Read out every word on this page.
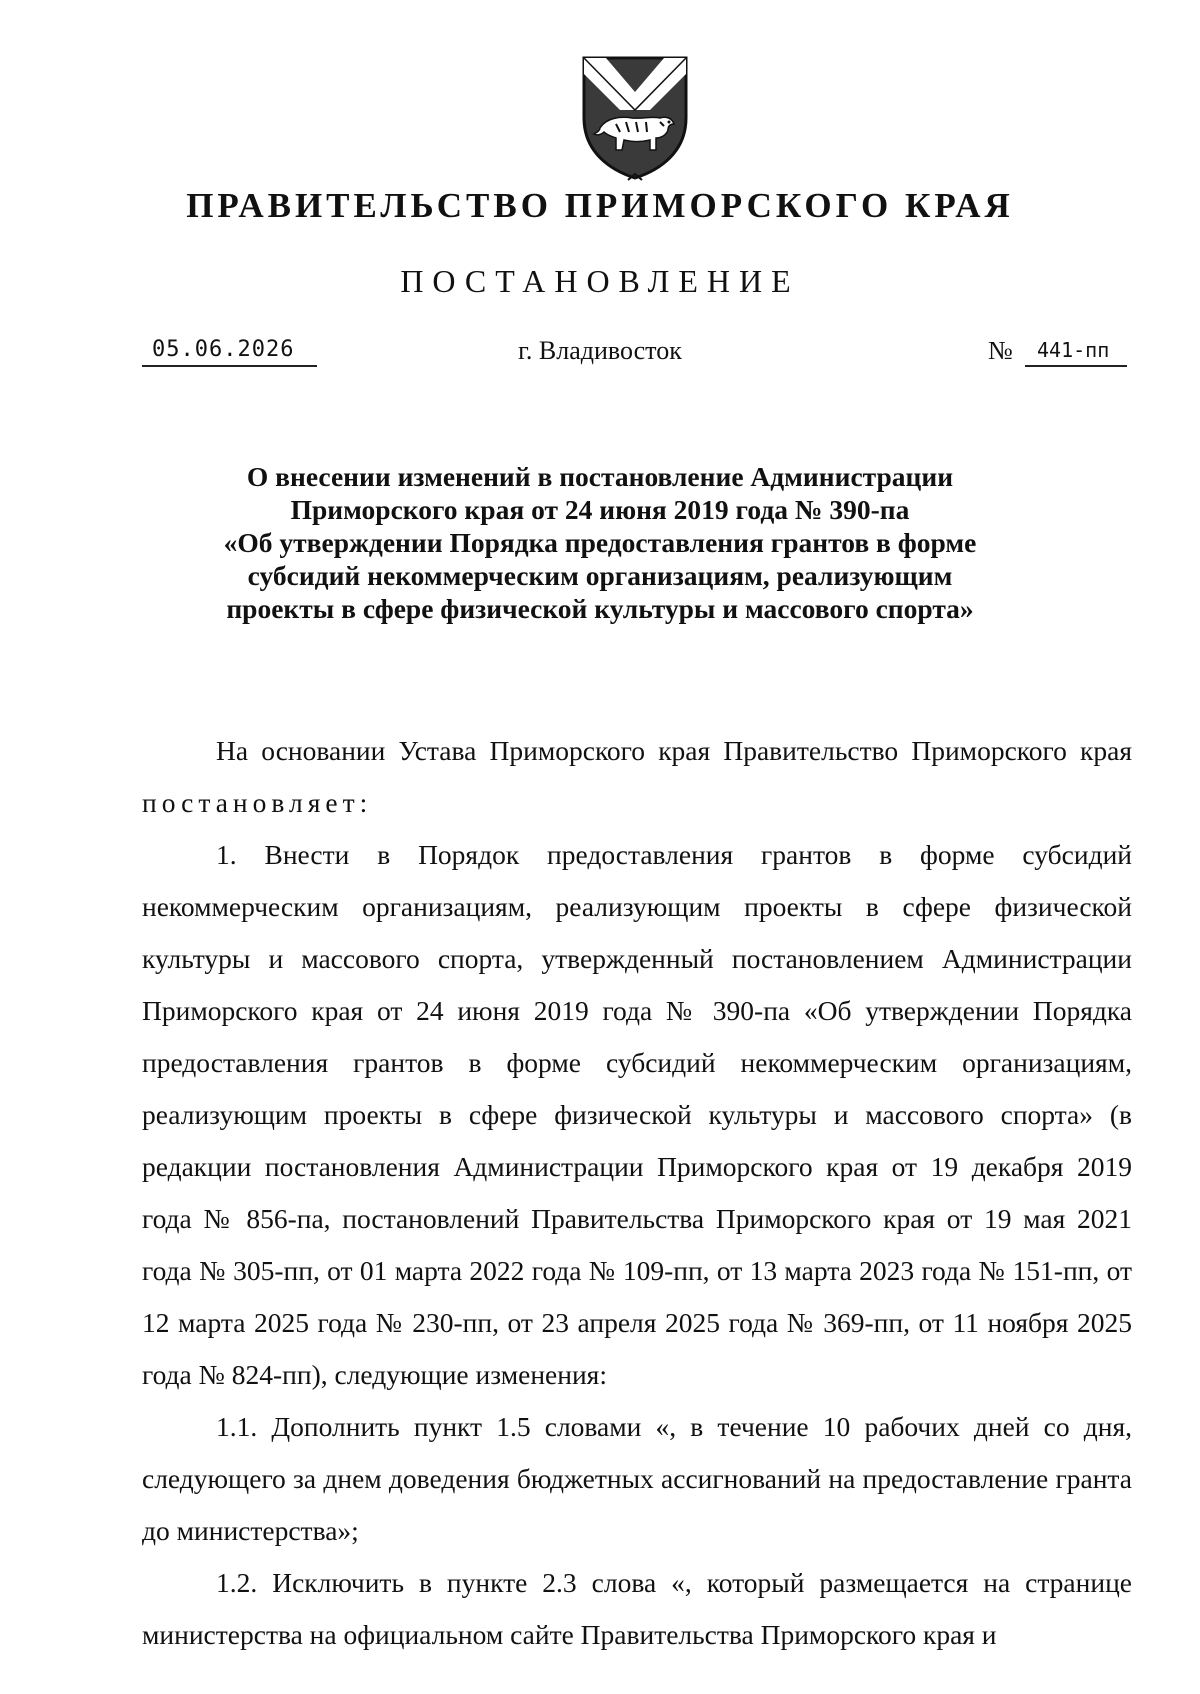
ПРАВИТЕЛЬСТВО ПРИМОРСКОГО КРАЯ
ПОСТАНОВЛЕНИЕ
05.06.2026	г. Владивосток	№	441-пп
О внесении изменений в постановление Администрации
Приморского края от 24 июня 2019 года № 390-па
«Об утверждении Порядка предоставления грантов в форме
субсидий некоммерческим организациям, реализующим
проекты в сфере физической культуры и массового спорта»

На основании Устава Приморского края Правительство Приморского края постановляет:

1. Внести в Порядок предоставления грантов в форме субсидий некоммерческим организациям, реализующим проекты в сфере физической культуры и массового спорта, утвержденный постановлением Администрации Приморского края от 24 июня 2019 года № 390-па «Об утверждении Порядка предоставления грантов в форме субсидий некоммерческим организациям, реализующим проекты в сфере физической культуры и массового спорта» (в редакции постановления Администрации Приморского края от 19 декабря 2019 года № 856-па, постановлений Правительства Приморского края от 19 мая 2021 года № 305-пп, от 01 марта 2022 года № 109-пп, от 13 марта 2023 года № 151-пп, от 12 марта 2025 года № 230-пп, от 23 апреля 2025 года № 369-пп, от 11 ноября 2025 года № 824-пп), следующие изменения:

1.1. Дополнить пункт 1.5 словами «, в течение 10 рабочих дней со дня, следующего за днем доведения бюджетных ассигнований на предоставление гранта до министерства»;

1.2. Исключить в пункте 2.3 слова «, который размещается на странице министерства на официальном сайте Правительства Приморского края и
